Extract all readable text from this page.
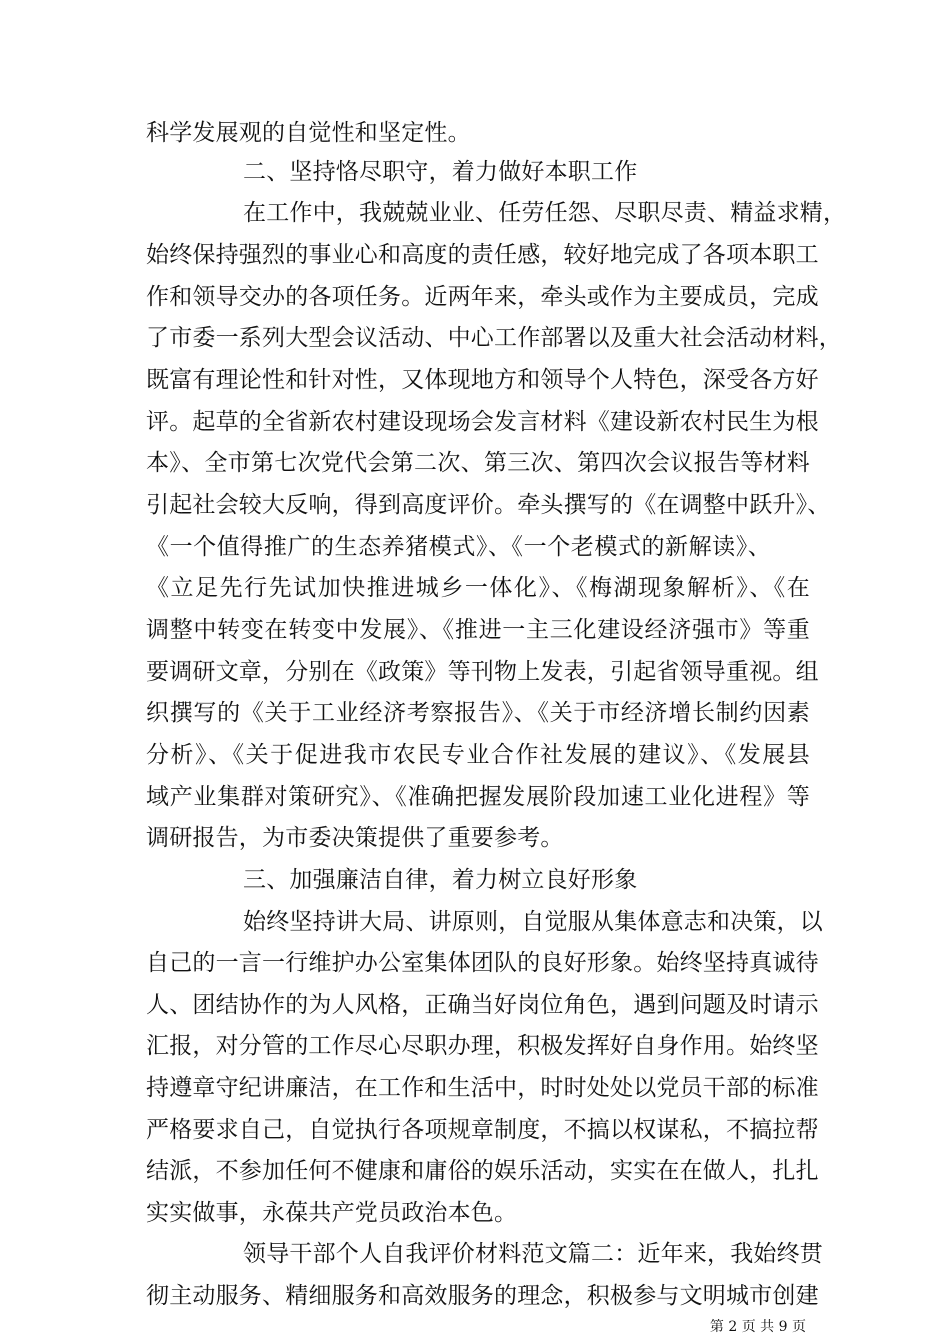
科学发展观的自觉性和坚定性。
二、坚持恪尽职守，着力做好本职工作
在工作中，我兢兢业业、任劳任怨、尽职尽责、精益求精，
始终保持强烈的事业心和高度的责任感，较好地完成了各项本职工
作和领导交办的各项任务。近两年来，牵头或作为主要成员，完成
了市委一系列大型会议活动、中心工作部署以及重大社会活动材料，
既富有理论性和针对性，又体现地方和领导个人特色，深受各方好
评。起草的全省新农村建设现场会发言材料《建设新农村民生为根
本》、全市第七次党代会第二次、第三次、第四次会议报告等材料
引起社会较大反响，得到高度评价。牵头撰写的《在调整中跃升》、
《一个值得推广的生态养猪模式》、《一个老模式的新解读》、
《立足先行先试加快推进城乡一体化》、《梅湖现象解析》、《在
调整中转变在转变中发展》、《推进一主三化建设经济强市》等重
要调研文章，分别在《政策》等刊物上发表，引起省领导重视。组
织撰写的《关于工业经济考察报告》、《关于市经济增长制约因素
分析》、《关于促进我市农民专业合作社发展的建议》、《发展县
域产业集群对策研究》、《准确把握发展阶段加速工业化进程》等
调研报告，为市委决策提供了重要参考。
三、加强廉洁自律，着力树立良好形象
始终坚持讲大局、讲原则，自觉服从集体意志和决策，以
自己的一言一行维护办公室集体团队的良好形象。始终坚持真诚待
人、团结协作的为人风格，正确当好岗位角色，遇到问题及时请示
汇报，对分管的工作尽心尽职办理，积极发挥好自身作用。始终坚
持遵章守纪讲廉洁，在工作和生活中，时时处处以党员干部的标准
严格要求自己，自觉执行各项规章制度，不搞以权谋私，不搞拉帮
结派，不参加任何不健康和庸俗的娱乐活动，实实在在做人，扎扎
实实做事，永葆共产党员政治本色。
领导干部个人自我评价材料范文篇二：近年来，我始终贯
彻主动服务、精细服务和高效服务的理念，积极参与文明城市创建
第 2 页 共 9 页
